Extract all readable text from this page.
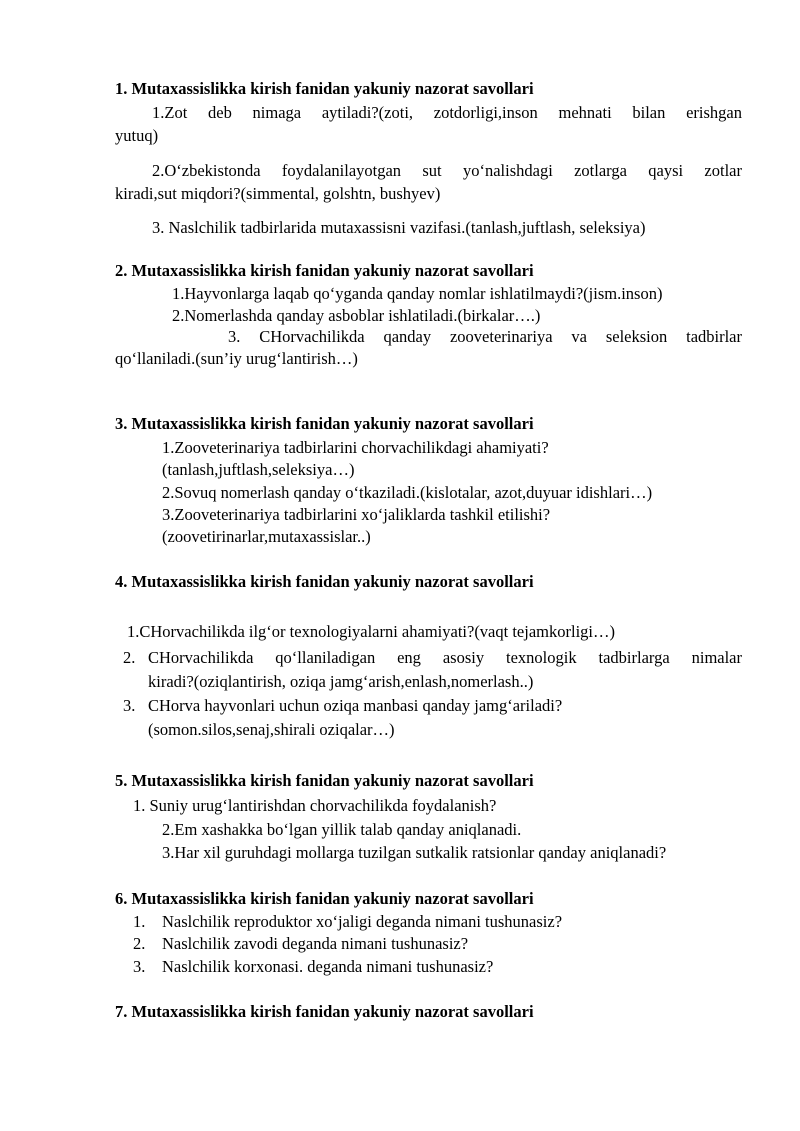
1. Mutaxassislikka kirish fanidan yakuniy nazorat savollari
1.Zot deb nimaga aytiladi?(zoti, zotdorligi,inson mehnati bilan erishgan
yutuq)
2.O‘zbekistonda foydalanilayotgan sut yo‘nalishdagi zotlarga qaysi zotlar
kiradi,sut miqdori?(simmental, golshtn, bushyev)
3. Naslchilik tadbirlarida mutaxassisni vazifasi.(tanlash,juftlash, seleksiya)
2. Mutaxassislikka kirish fanidan yakuniy nazorat savollari
1.Hayvonlarga laqab qo‘yganda qanday nomlar ishlatilmaydi?(jism.inson)
2.Nomerlashda qanday asboblar ishlatiladi.(birkalar….)
3. CHorvachilikda qanday zooveterinariya va seleksion tadbirlar
qo‘llaniladi.(sun’iy urug‘lantirish…)
3. Mutaxassislikka kirish fanidan yakuniy nazorat savollari
1.Zooveterinariya tadbirlarini chorvachilikdagi ahamiyati?
(tanlash,juftlash,seleksiya…)
2.Sovuq nomerlash qanday o‘tkaziladi.(kislotalar, azot,duyuar idishlari…)
3.Zooveterinariya tadbirlarini xo‘jaliklarda tashkil etilishi?
(zoovetirinarlar,mutaxassislar..)
4. Mutaxassislikka kirish fanidan yakuniy nazorat savollari
1.CHorvachilikda ilg‘or texnologiyalarni ahamiyati?(vaqt tejamkorligi…)
2. CHorvachilikda qo‘llaniladigan eng asosiy texnologik tadbirlarga nimalar
kiradi?(oziqlantirish, oziqa jamg‘arish,enlash,nomerlash..)
3. CHorva hayvonlari uchun oziqa manbasi qanday jamg‘ariladi?
(somon.silos,senaj,shirali oziqalar…)
5. Mutaxassislikka kirish fanidan yakuniy nazorat savollari
1. Suniy urug‘lantirishdan chorvachilikda foydalanish?
2.Em xashakka bo‘lgan yillik talab qanday aniqlanadi.
3.Har xil guruhdagi mollarga tuzilgan sutkalik ratsionlar qanday aniqlanadi?
6. Mutaxassislikka kirish fanidan yakuniy nazorat savollari
1. Naslchilik reproduktor xo‘jaligi deganda nimani tushunasiz?
2. Naslchilik zavodi deganda nimani tushunasiz?
3. Naslchilik korxonasi. deganda nimani tushunasiz?
7. Mutaxassislikka kirish fanidan yakuniy nazorat savollari
